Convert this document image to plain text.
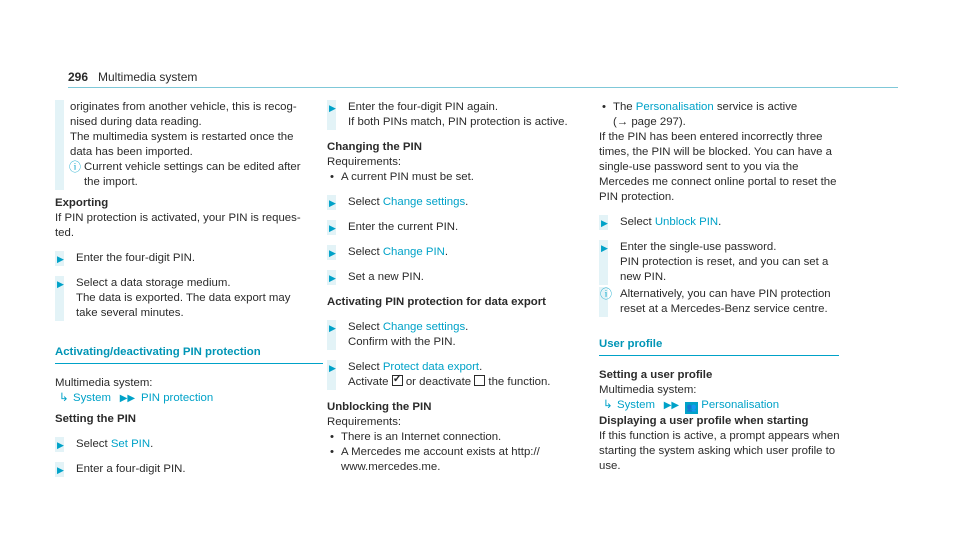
296 Multimedia system

originates from another vehicle, this is recog-

nised during data reading.

The multimedia system is restarted once the

data has been imported.

ⓘ Current vehicle settings can be edited after

the import.

Exporting

If PIN protection is activated, your PIN is reques-

ted.

▶ Enter the four-digit PIN.

▶ Select a data storage medium.

The data is exported. The data export may

take several minutes.

Activating/deactivating PIN protection

Multimedia system:

↳ System   ▶▶  PIN protection

Setting the PIN

▶ Select Set PIN.

▶ Enter a four-digit PIN.

▶ Enter the four-digit PIN again.

If both PINs match, PIN protection is active.

Changing the PIN

Requirements:

• A current PIN must be set.
▶ Select Change settings.

▶ Enter the current PIN.

▶ Select Change PIN.

▶ Set a new PIN.

Activating PIN protection for data export

▶ Select Change settings.

Confirm with the PIN.

▶ Select Protect data export.

Activate ✓ or deactivate  the function.

Unblocking the PIN

Requirements:

• There is an Internet connection.
• A Mercedes me account exists at http://

www.mercedes.me.

• The Personalisation service is active

(→ page 297).

If the PIN has been entered incorrectly three

times, the PIN will be blocked. You can have a

single-use password sent to you via the

Mercedes me connect online portal to reset the

PIN protection.

▶ Select Unblock PIN.

▶ Enter the single-use password.

PIN protection is reset, and you can set a

new PIN.

ⓘ Alternatively, you can have PIN protection

reset at a Mercedes-Benz service centre.

User profile

Setting a user profile

Multimedia system:

↳ System   ▶▶  👥 Personalisation

Displaying a user profile when starting

If this function is active, a prompt appears when

starting the system asking which user profile to

use.
